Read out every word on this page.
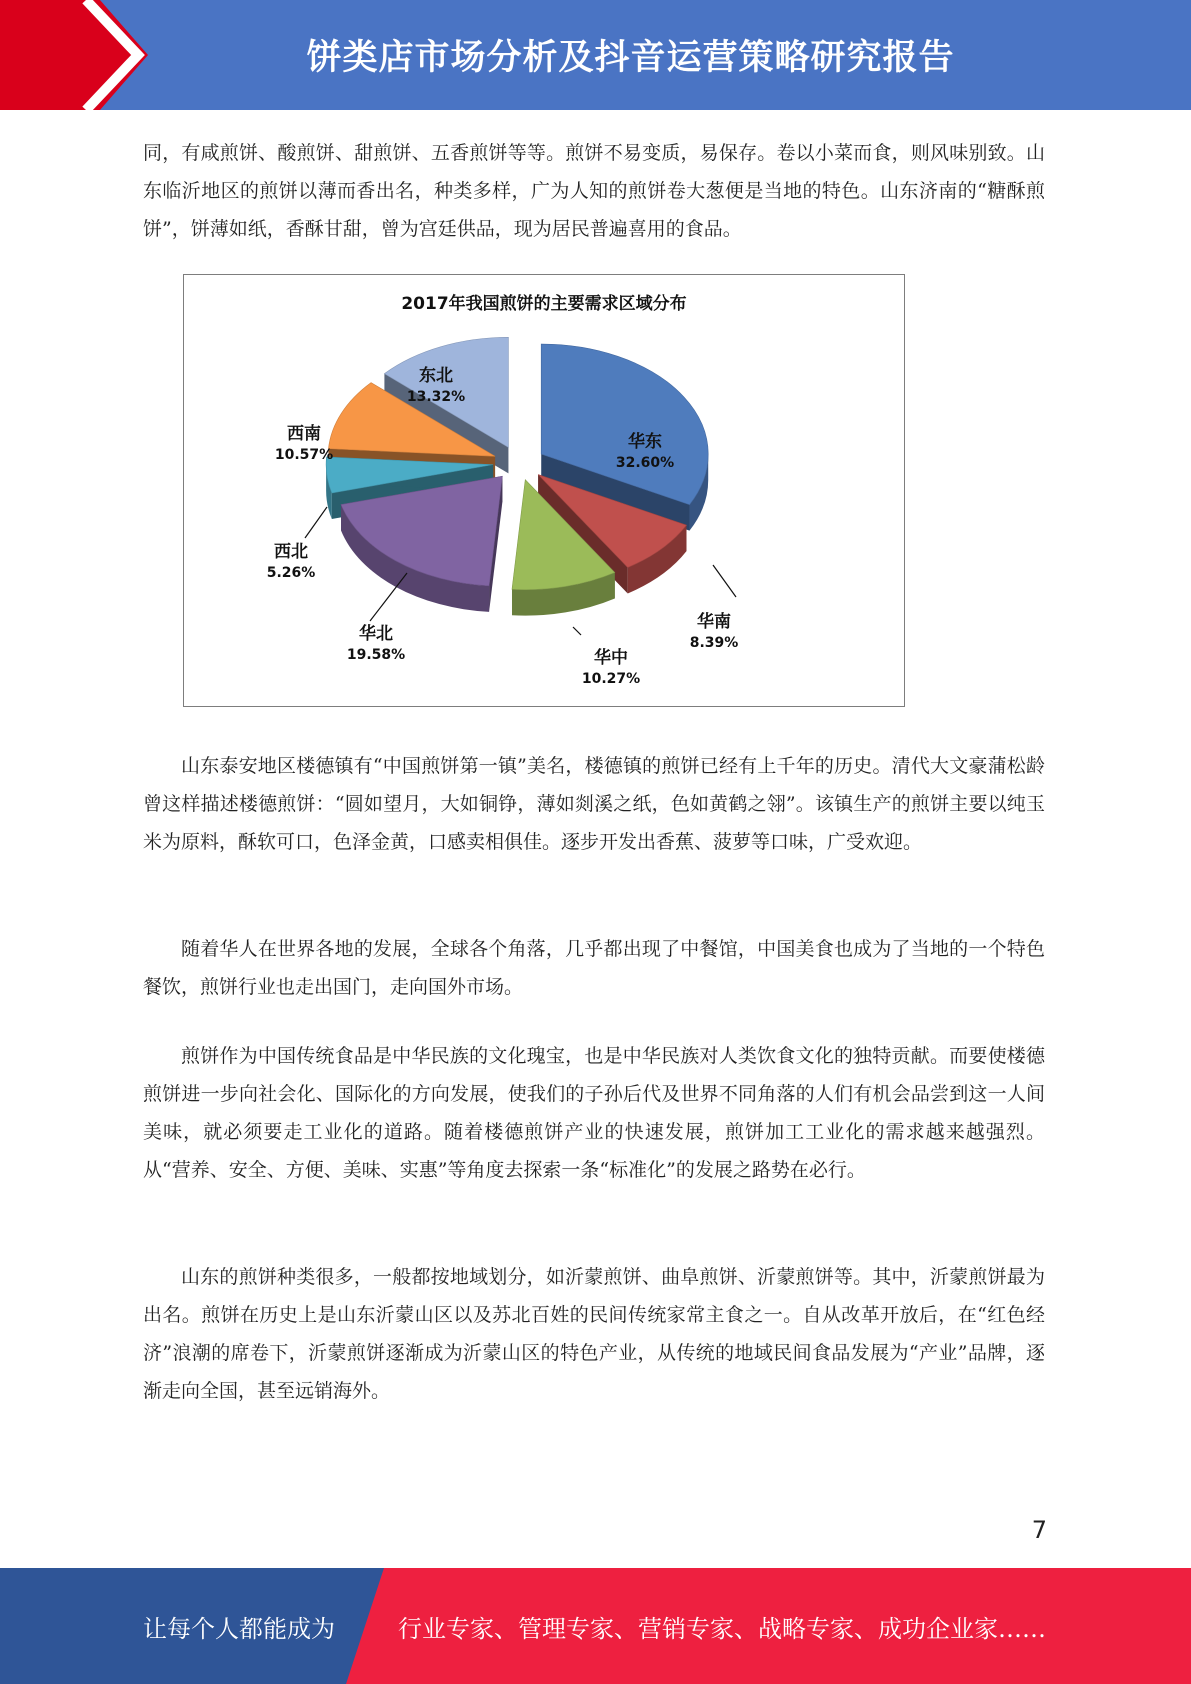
饼类店市场分析及抖音运营策略研究报告

同，有咸煎饼、酸煎饼、甜煎饼、五香煎饼等等。煎饼不易变质，易保存。卷以小菜而食，则风味别致。山东临沂地区的煎饼以薄而香出名，种类多样，广为人知的煎饼卷大葱便是当地的特色。山东济南的“糖酥煎饼”，饼薄如纸，香酥甘甜，曾为宫廷供品，现为居民普遍喜用的食品。

2017年我国煎饼的主要需求区域分布
华东
32.60%
华南
8.39%
华中
10.27%
华北
19.58%
西北
5.26%
西南
10.57%
东北
13.32%

山东泰安地区楼德镇有“中国煎饼第一镇”美名，楼德镇的煎饼已经有上千年的历史。清代大文豪蒲松龄曾这样描述楼德煎饼：“圆如望月，大如铜铮，薄如剡溪之纸，色如黄鹤之翎”。该镇生产的煎饼主要以纯玉米为原料，酥软可口，色泽金黄，口感卖相俱佳。逐步开发出香蕉、菠萝等口味，广受欢迎。

随着华人在世界各地的发展，全球各个角落，几乎都出现了中餐馆，中国美食也成为了当地的一个特色餐饮，煎饼行业也走出国门，走向国外市场。

煎饼作为中国传统食品是中华民族的文化瑰宝，也是中华民族对人类饮食文化的独特贡献。而要使楼德煎饼进一步向社会化、国际化的方向发展，使我们的子孙后代及世界不同角落的人们有机会品尝到这一人间美味，就必须要走工业化的道路。随着楼德煎饼产业的快速发展，煎饼加工工业化的需求越来越强烈。从“营养、安全、方便、美味、实惠”等角度去探索一条“标准化”的发展之路势在必行。

山东的煎饼种类很多，一般都按地域划分，如沂蒙煎饼、曲阜煎饼、沂蒙煎饼等。其中，沂蒙煎饼最为出名。煎饼在历史上是山东沂蒙山区以及苏北百姓的民间传统家常主食之一。自从改革开放后，在“红色经济”浪潮的席卷下，沂蒙煎饼逐渐成为沂蒙山区的特色产业，从传统的地域民间食品发展为“产业”品牌，逐渐走向全国，甚至远销海外。

7
让每个人都能成为	行业专家、管理专家、营销专家、战略专家、成功企业家……
